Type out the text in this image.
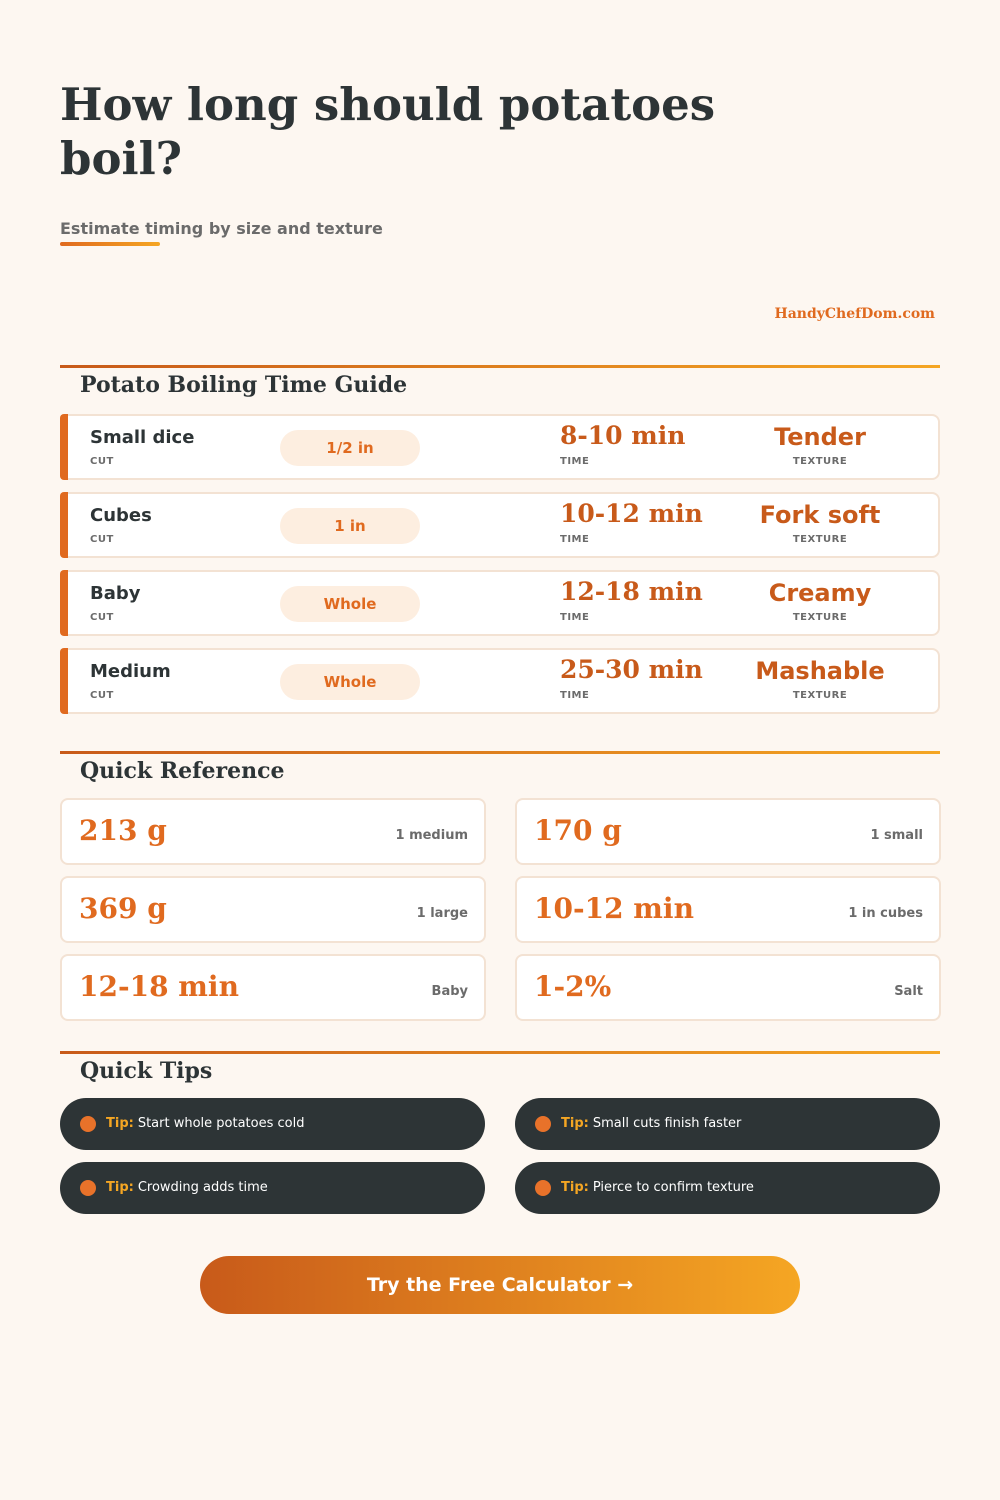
How long should potatoes boil?
Estimate timing by size and texture
HandyChefDom.com
Potato Boiling Time Guide
Small dice
CUT
1/2 in	8-10 min
TIME
Tender
TEXTURE
Cubes
CUT
1 in	10-12 min
TIME
Fork soft
TEXTURE
Baby
CUT
Whole	12-18 min
TIME
Creamy
TEXTURE
Medium
CUT
Whole	25-30 min
TIME
Mashable
TEXTURE
Quick Reference
213 g	1 medium 170 g	1 small
369 g	1 large 10-12 min	1 in cubes
12-18 min	Baby 1-2%	Salt
Quick Tips
Tip: Start whole potatoes cold	Tip: Small cuts finish faster
Tip: Crowding adds time	Tip: Pierce to confirm texture
Try the Free Calculator →
